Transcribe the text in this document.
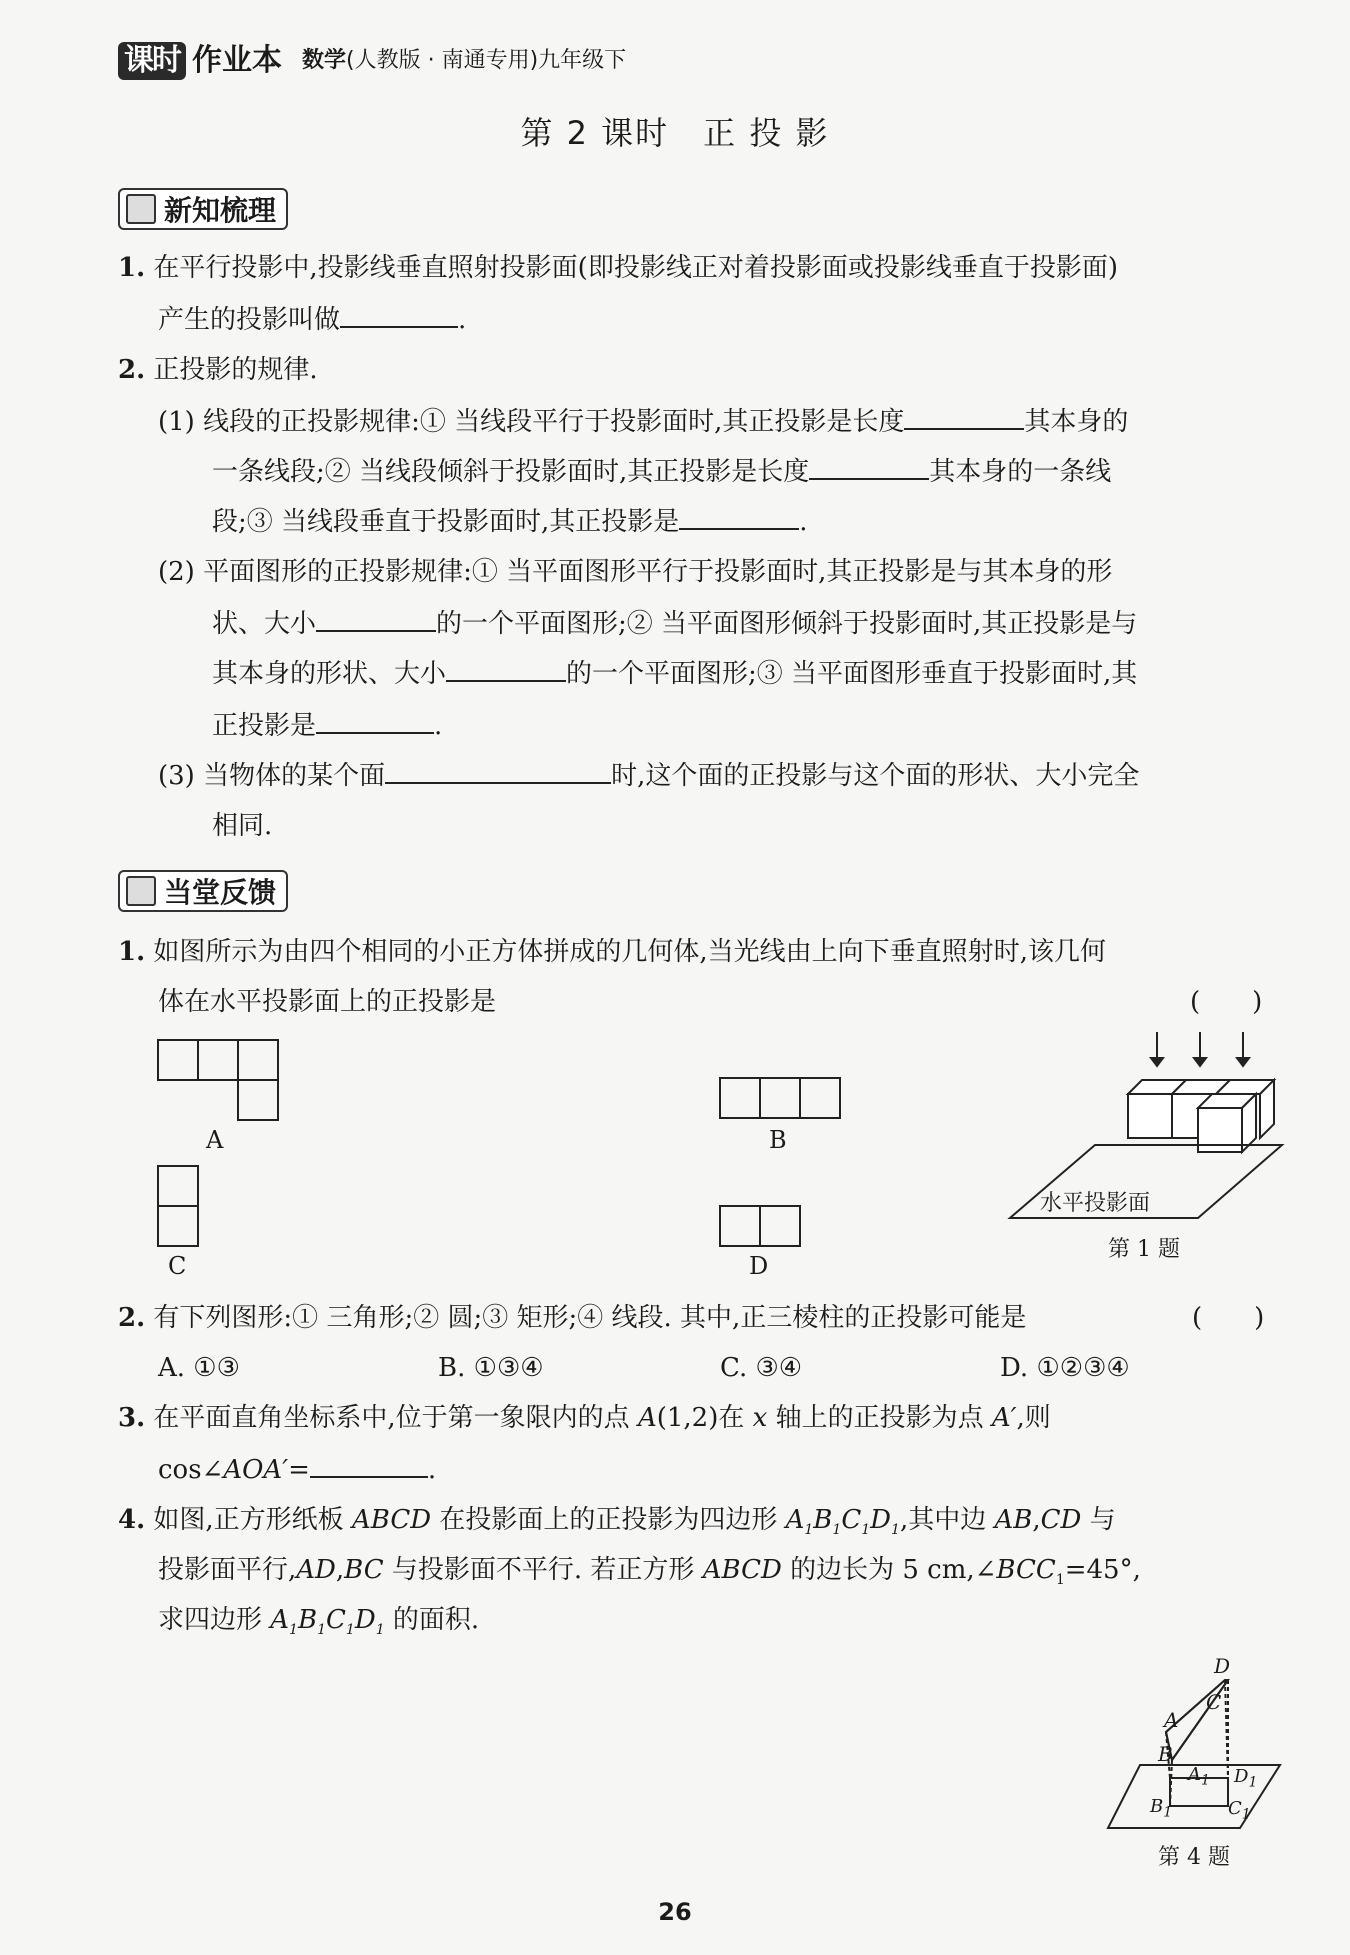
课时 作业本 数学(人教版 · 南通专用)九年级下
第 2 课时　正 投 影
新知梳理
1. 在平行投影中,投影线垂直照射投影面(即投影线正对着投影面或投影线垂直于投影面)
产生的投影叫做	.
2. 正投影的规律.
(1) 线段的正投影规律:① 当线段平行于投影面时,其正投影是长度	其本身的
一条线段;② 当线段倾斜于投影面时,其正投影是长度	其本身的一条线
段;③ 当线段垂直于投影面时,其正投影是	.
(2) 平面图形的正投影规律:① 当平面图形平行于投影面时,其正投影是与其本身的形
状、大小	的一个平面图形;② 当平面图形倾斜于投影面时,其正投影是与
其本身的形状、大小	的一个平面图形;③ 当平面图形垂直于投影面时,其
正投影是	.
(3) 当物体的某个面	时,这个面的正投影与这个面的形状、大小完全
相同.
当堂反馈
1. 如图所示为由四个相同的小正方体拼成的几何体,当光线由上向下垂直照射时,该几何
体在水平投影面上的正投影是	(　　)
A	B
C	D
水平投影面
第 1 题
2. 有下列图形:① 三角形;② 圆;③ 矩形;④ 线段. 其中,正三棱柱的正投影可能是	(　　)
A. ①③	B. ①③④	C. ③④	D. ①②③④
3. 在平面直角坐标系中,位于第一象限内的点 A(1,2)在 x 轴上的正投影为点 A′,则
cos∠AOA′=	.
4. 如图,正方形纸板 ABCD 在投影面上的正投影为四边形 $A_1B_1C_1D_1$,其中边 AB,CD 与
投影面平行,AD,BC 与投影面不平行. 若正方形 ABCD 的边长为 5 $cm,\angle BCC_1=45^\circ$,
求四边形 $A_1B_1C_1D_1$ 的面积.
D
C
A
B
$A_1$ $D_1$
$B_1$	$C_1$
第 4 题
26
